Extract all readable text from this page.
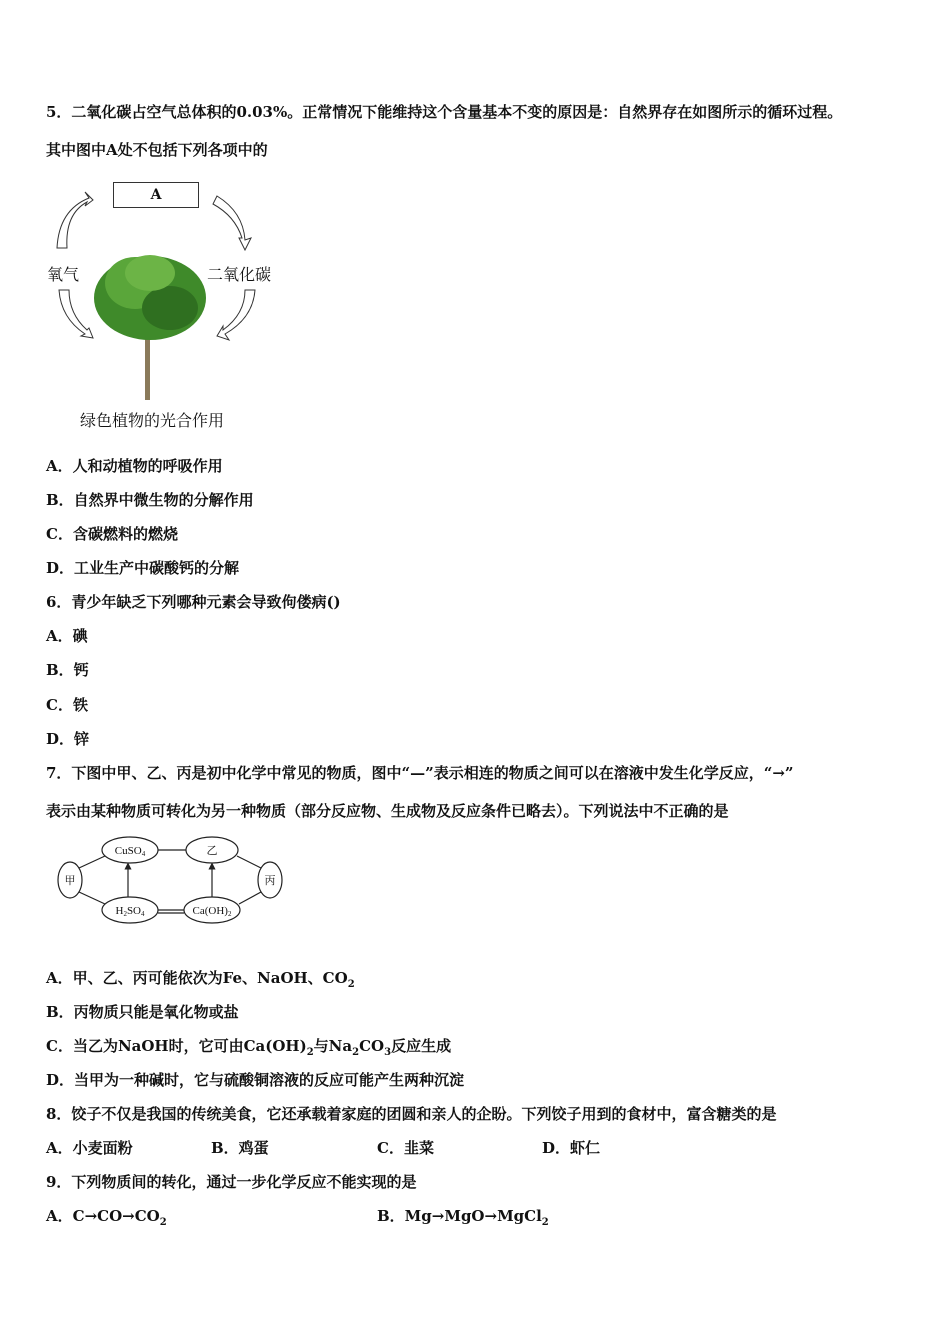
5．二氧化碳占空气总体积的0.03%。正常情况下能维持这个含量基本不变的原因是：自然界存在如图所示的循环过程。
其中图中A处不包括下列各项中的
A
氧气	二氧化碳
绿色植物的光合作用
A．人和动植物的呼吸作用
B．自然界中微生物的分解作用
C．含碳燃料的燃烧
D．工业生产中碳酸钙的分解
6．青少年缺乏下列哪种元素会导致佝偻病()
A．碘
B．钙
C．铁
D．锌
7．下图中甲、乙、丙是初中化学中常见的物质，图中“—”表示相连的物质之间可以在溶液中发生化学反应，“→”
表示由某种物质可转化为另一种物质（部分反应物、生成物及反应条件已略去）。下列说法中不正确的是
甲
CuSO4	乙
丙
H2SO4	Ca(OH)2
A．甲、乙、丙可能依次为Fe、NaOH、$CO_2$
B．丙物质只能是氧化物或盐
C．当乙为NaOH时，它可由$Ca(OH)_2$与$Na_2CO_3$反应生成
D．当甲为一种碱时，它与硫酸铜溶液的反应可能产生两种沉淀
8．饺子不仅是我国的传统美食，它还承载着家庭的团圆和亲人的企盼。下列饺子用到的食材中，富含糖类的是
A．小麦面粉	B．鸡蛋	C．韭菜	D．虾仁
9．下列物质间的转化，通过一步化学反应不能实现的是
A．$C\to CO\to CO_2$	B．Mg→MgO→MgCl$_2$
